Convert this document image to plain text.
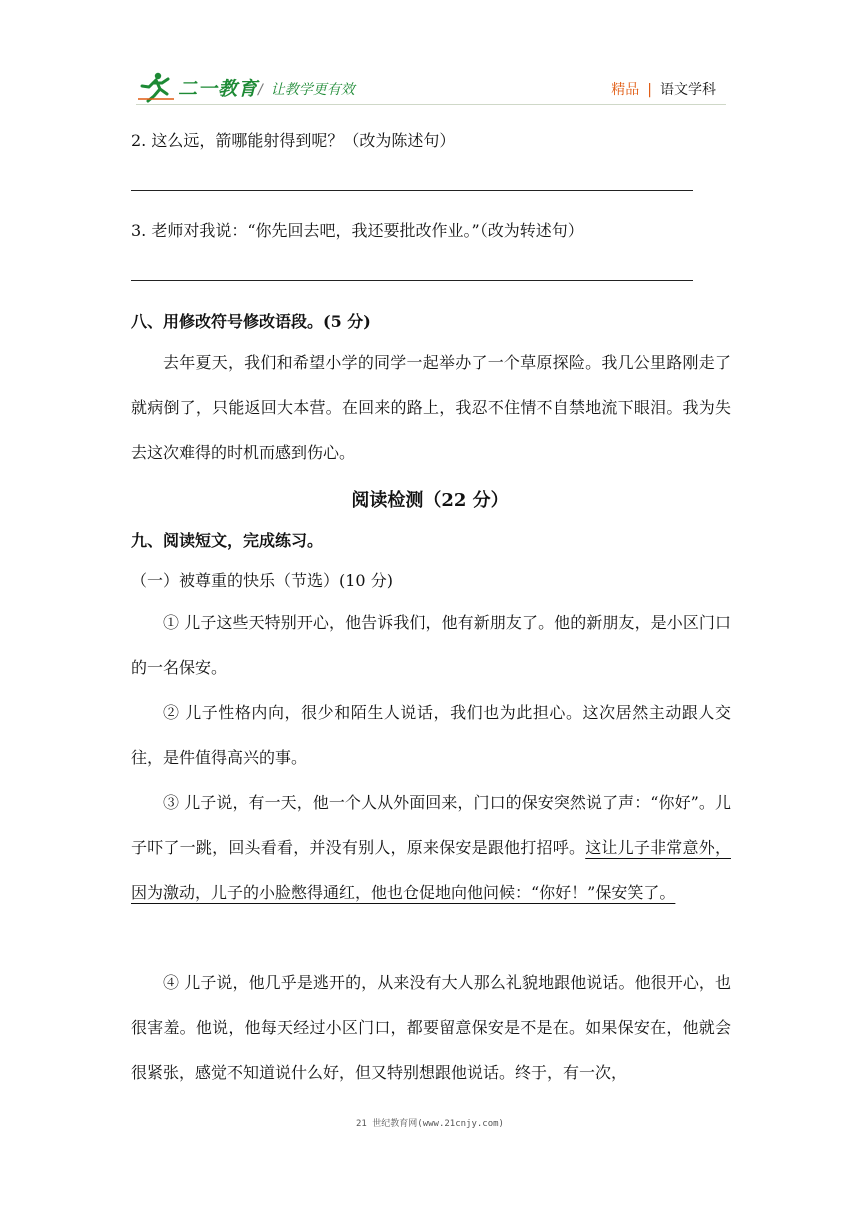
二一教育 / 让教学更有效	精品 | 语文学科
2. 这么远，箭哪能射得到呢？（改为陈述句）
3. 老师对我说：“你先回去吧，我还要批改作业。”（改为转述句）
八、用修改符号修改语段。(5 分)
去年夏天，我们和希望小学的同学一起举办了一个草原探险。我几公里路刚走了就病倒了，只能返回大本营。在回来的路上，我忍不住情不自禁地流下眼泪。我为失去这次难得的时机而感到伤心。
阅读检测（22 分）
九、阅读短文，完成练习。
（一）被尊重的快乐（节选）(10 分)
① 儿子这些天特别开心，他告诉我们，他有新朋友了。他的新朋友，是小区门口的一名保安。
② 儿子性格内向，很少和陌生人说话，我们也为此担心。这次居然主动跟人交往，是件值得高兴的事。
③ 儿子说，有一天，他一个人从外面回来，门口的保安突然说了声：“你好”。儿子吓了一跳，回头看看，并没有别人，原来保安是跟他打招呼。这让儿子非常意外，因为激动，儿子的小脸憋得通红，他也仓促地向他问候：“你好！”保安笑了。
④ 儿子说，他几乎是逃开的，从来没有大人那么礼貌地跟他说话。他很开心，也很害羞。他说，他每天经过小区门口，都要留意保安是不是在。如果保安在，他就会很紧张，感觉不知道说什么好，但又特别想跟他说话。终于，有一次，
21 世纪教育网(www.21cnjy.com)
